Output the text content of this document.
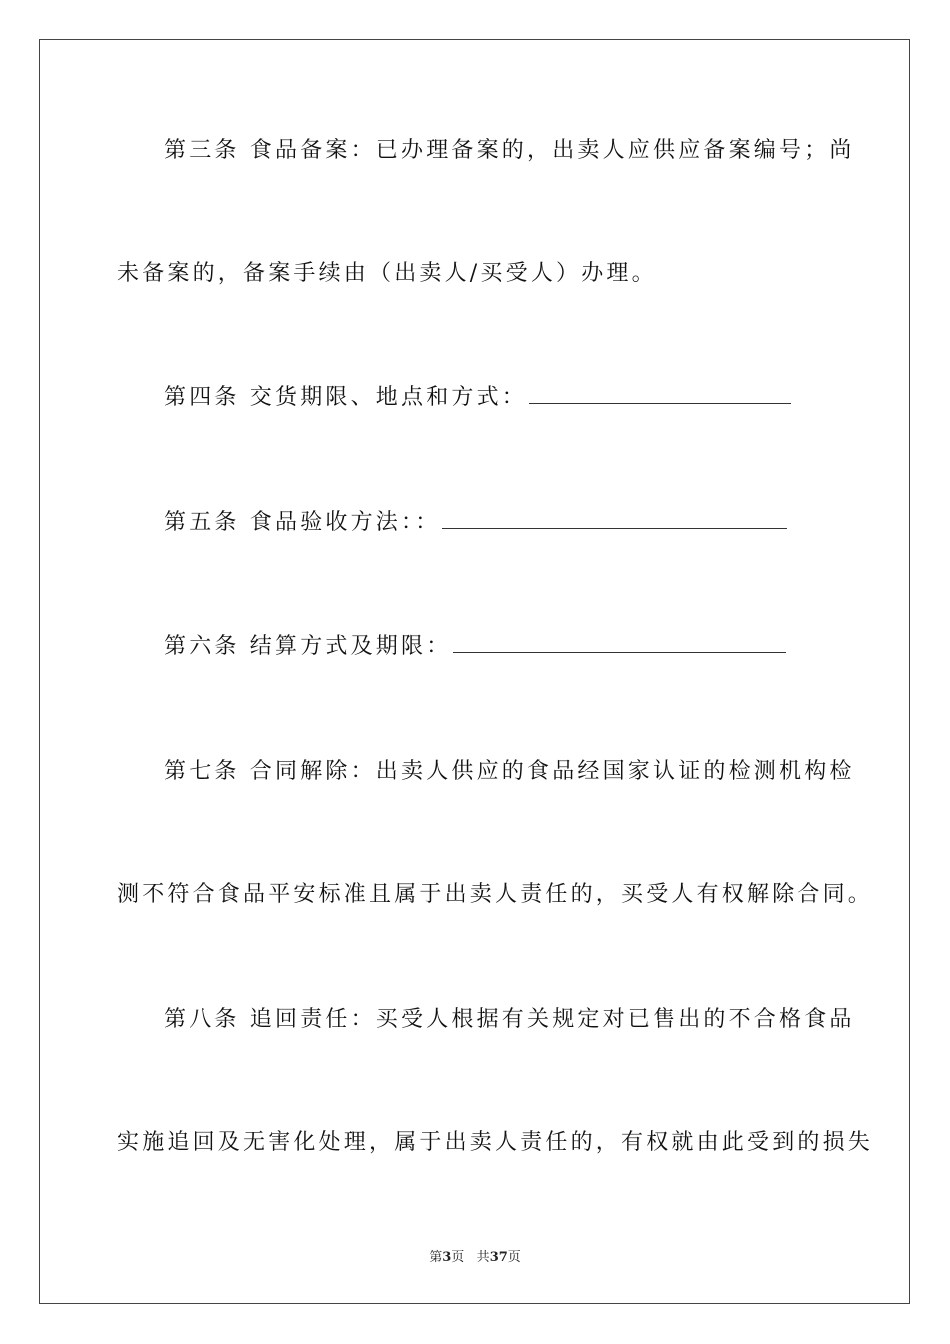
第三条 食品备案：已办理备案的，出卖人应供应备案编号；尚
未备案的，备案手续由（出卖人/买受人）办理。
第四条 交货期限、地点和方式：
第五条 食品验收方法：：
第六条 结算方式及期限：
第七条 合同解除：出卖人供应的食品经国家认证的检测机构检
测不符合食品平安标准且属于出卖人责任的，买受人有权解除合同。
第八条 追回责任：买受人根据有关规定对已售出的不合格食品
实施追回及无害化处理，属于出卖人责任的，有权就由此受到的损失
第3页 共37页
